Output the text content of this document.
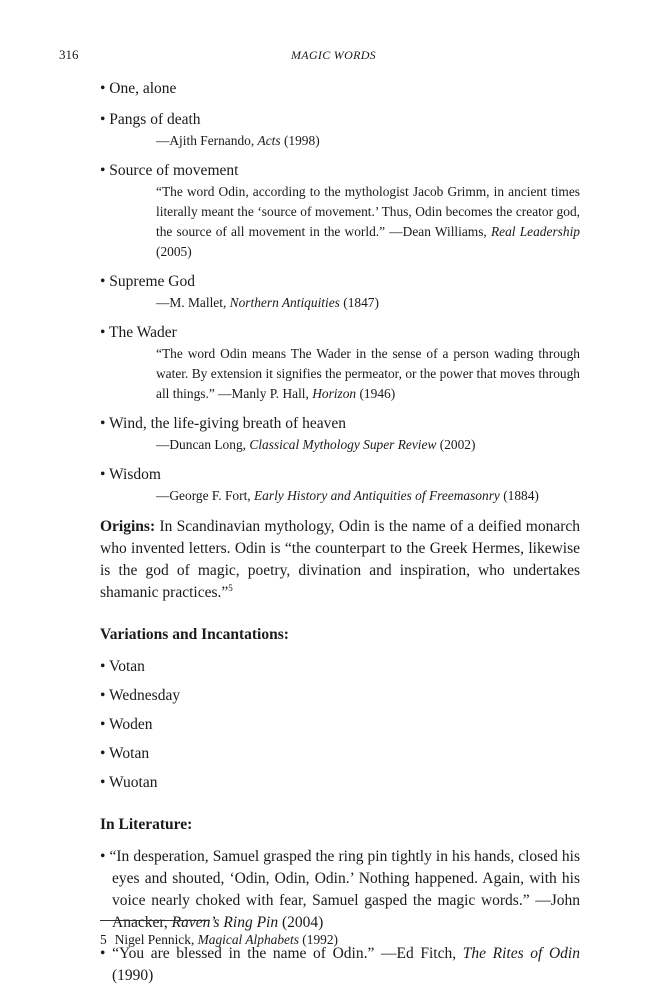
316	MAGIC WORDS
• One, alone
• Pangs of death
—Ajith Fernando, Acts (1998)
• Source of movement
“The word Odin, according to the mythologist Jacob Grimm, in ancient times literally meant the ‘source of movement.’ Thus, Odin becomes the creator god, the source of all movement in the world.” —Dean Williams, Real Leadership (2005)
• Supreme God
—M. Mallet, Northern Antiquities (1847)
• The Wader
“The word Odin means The Wader in the sense of a person wading through water. By extension it signifies the permeator, or the power that moves through all things.” —Manly P. Hall, Horizon (1946)
• Wind, the life-giving breath of heaven
—Duncan Long, Classical Mythology Super Review (2002)
• Wisdom
—George F. Fort, Early History and Antiquities of Freemasonry (1884)
Origins: In Scandinavian mythology, Odin is the name of a deified monarch who invented letters. Odin is “the counterpart to the Greek Hermes, likewise is the god of magic, poetry, divination and inspiration, who undertakes shamanic practices.”$^5$
Variations and Incantations:
• Votan
• Wednesday
• Woden
• Wotan
• Wuotan
In Literature:
• “In desperation, Samuel grasped the ring pin tightly in his hands, closed his eyes and shouted, ‘Odin, Odin, Odin.’ Nothing happened. Again, with his voice nearly choked with fear, Samuel gasped the magic words.” —John Anacker, Raven’s Ring Pin (2004)
• “You are blessed in the name of Odin.” —Ed Fitch, The Rites of Odin (1990)
5 Nigel Pennick, Magical Alphabets (1992)
